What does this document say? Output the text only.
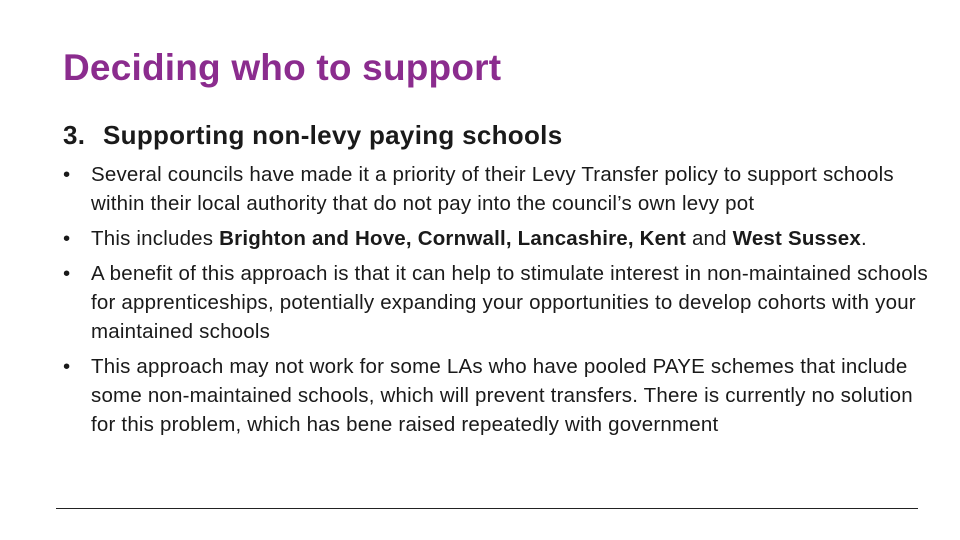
Deciding who to support
3. Supporting non-levy paying schools
• Several councils have made it a priority of their Levy Transfer policy to support schools within their local authority that do not pay into the council’s own levy pot
• This includes Brighton and Hove, Cornwall, Lancashire, Kent and West Sussex.
• A benefit of this approach is that it can help to stimulate interest in non-maintained schools for apprenticeships, potentially expanding your opportunities to develop cohorts with your maintained schools
• This approach may not work for some LAs who have pooled PAYE schemes that include some non-maintained schools, which will prevent transfers. There is currently no solution for this problem, which has bene raised repeatedly with government
